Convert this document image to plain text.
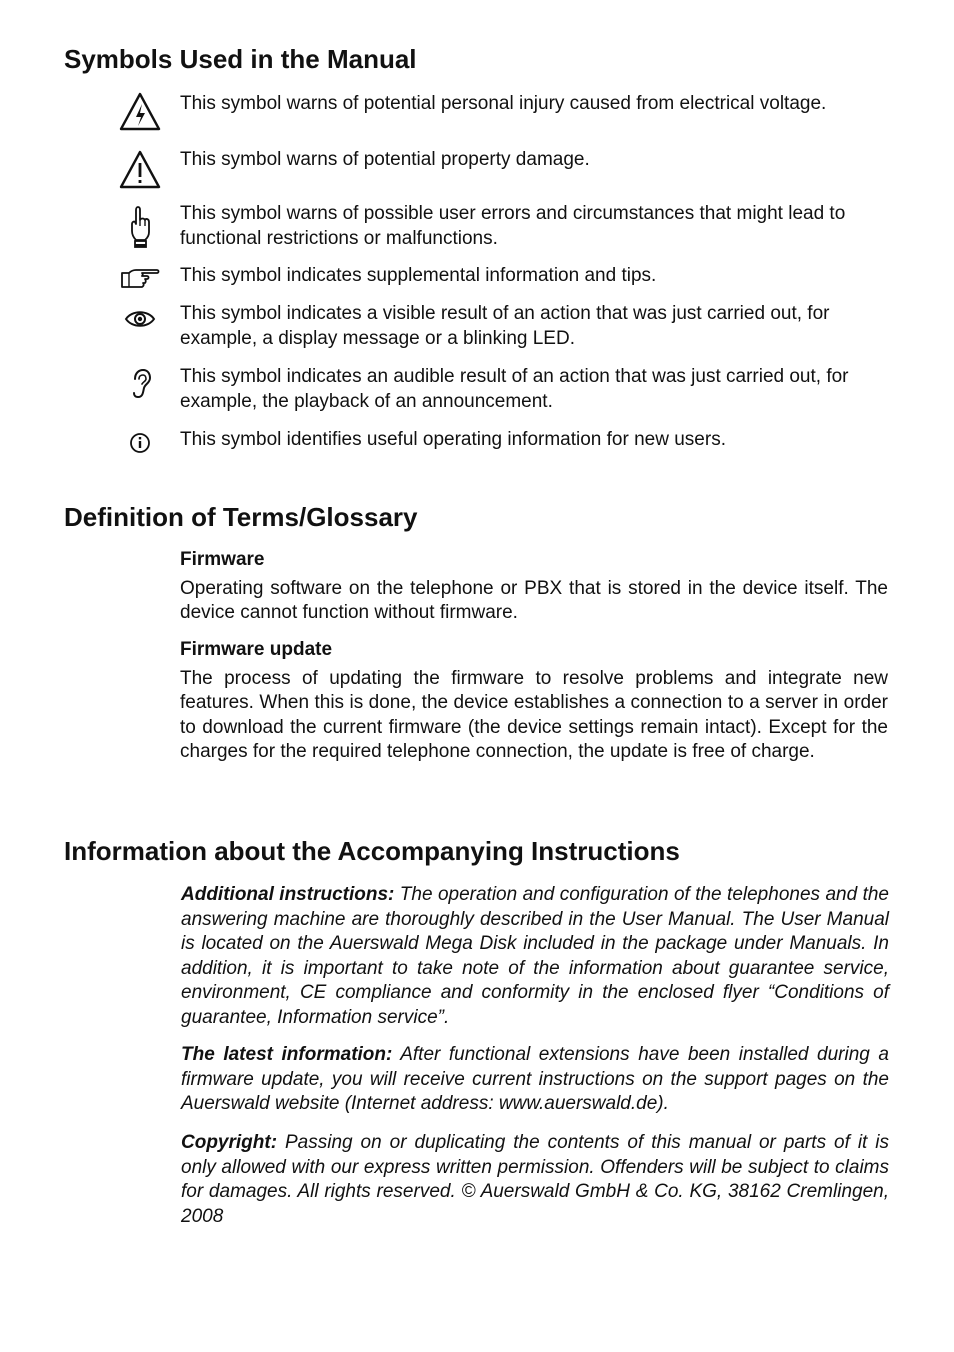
Symbols Used in the Manual
This symbol warns of potential personal injury caused from electrical voltage.
This symbol warns of potential property damage.
This symbol warns of possible user errors and circumstances that might lead to functional restrictions or malfunctions.
This symbol indicates supplemental information and tips.
This symbol indicates a visible result of an action that was just carried out, for example, a display message or a blinking LED.
This symbol indicates an audible result of an action that was just carried out, for example, the playback of an announcement.
This symbol identifies useful operating information for new users.
Definition of Terms/Glossary
Firmware
Operating software on the telephone or PBX that is stored in the device itself. The device cannot function without firmware.
Firmware update
The process of updating the firmware to resolve problems and integrate new features. When this is done, the device establishes a connection to a server in order to download the current firmware (the device settings remain intact). Except for the charges for the required telephone connection, the update is free of charge.
Information about the Accompanying Instructions

Additional instructions: The operation and configuration of the telephones and the answering machine are thoroughly described in the User Manual. The User Manual is located on the Auerswald Mega Disk included in the package under Manuals. In addition, it is important to take note of the information about guarantee service, environment, CE compliance and conformity in the enclosed flyer “Conditions of guarantee, Information service”.

The latest information: After functional extensions have been installed during a firmware update, you will receive current instructions on the support pages on the Auerswald website (Internet address: www.auerswald.de).

Copyright: Passing on or duplicating the contents of this manual or parts of it is only allowed with our express written permission. Offenders will be subject to claims for damages. All rights reserved. © Auerswald GmbH & Co. KG, 38162 Cremlingen, 2008
